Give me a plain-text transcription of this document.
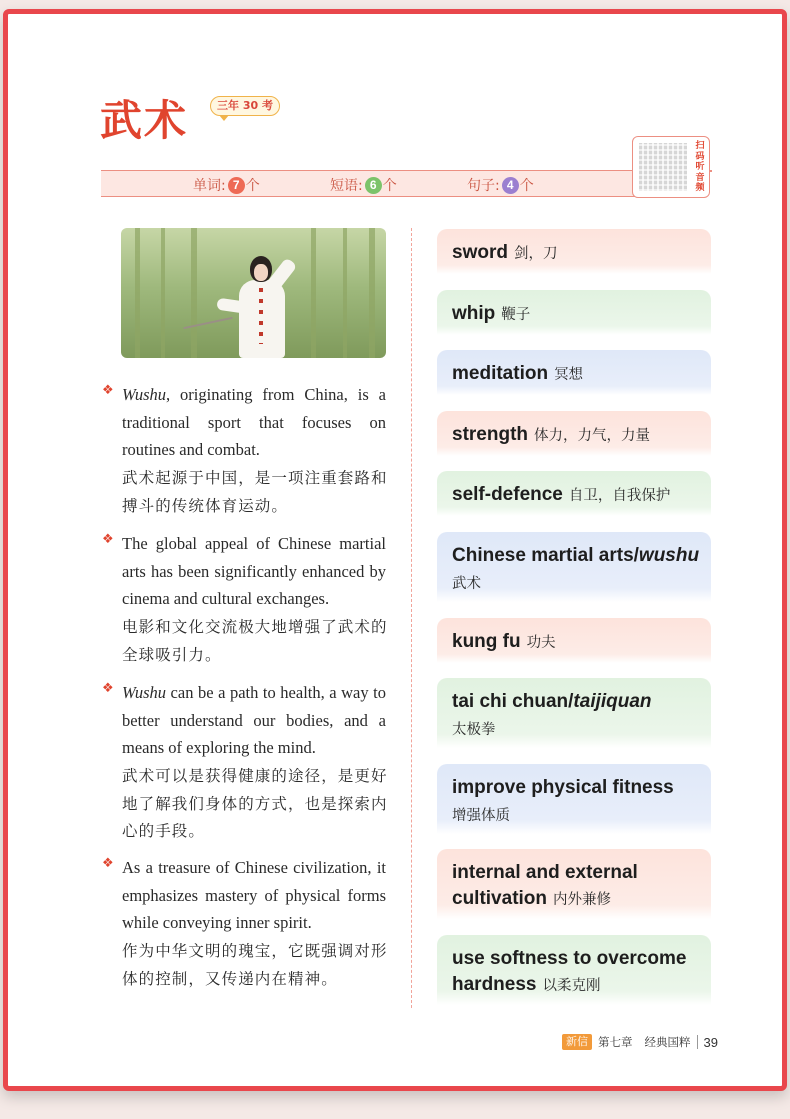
武术	三年 30 考
单词: 7 个	短语: 6 个	句子: 4 个
扫码听音频
❖ Wushu, originating from China, is a traditional sport that focuses on routines and combat.
武术起源于中国，是一项注重套路和搏斗的传统体育运动。
❖ The global appeal of Chinese martial arts has been significantly enhanced by cinema and cultural exchanges.
电影和文化交流极大地增强了武术的全球吸引力。
❖ Wushu can be a path to health, a way to better understand our bodies, and a means of exploring the mind.
武术可以是获得健康的途径，是更好地了解我们身体的方式，也是探索内心的手段。
❖ As a treasure of Chinese civilization, it emphasizes mastery of physical forms while conveying inner spirit.
作为中华文明的瑰宝，它既强调对形体的控制，又传递内在精神。
sword 剑，刀
whip 鞭子
meditation 冥想
strength 体力，力气，力量
self-defence 自卫，自我保护
Chinese martial arts/wushu
武术
kung fu 功夫
tai chi chuan/taijiquan
太极拳
improve physical fitness
增强体质
internal and external
cultivation 内外兼修
use softness to overcome
hardness 以柔克刚
新信 第七章 经典国粹 39
